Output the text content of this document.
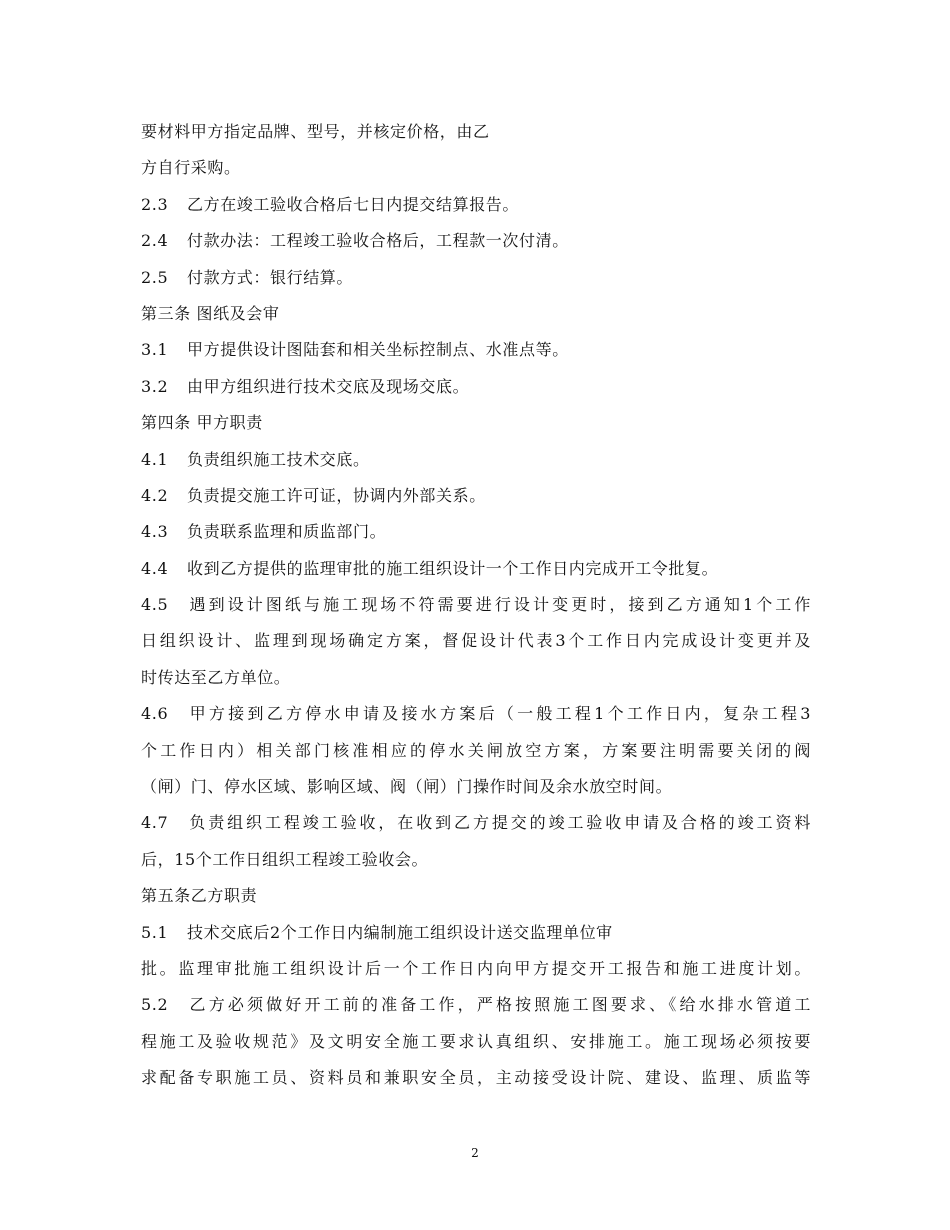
要材料甲方指定品牌、型号，并核定价格，由乙
方自行采购。
2.3 乙方在竣工验收合格后七日内提交结算报告。
2.4 付款办法：工程竣工验收合格后，工程款一次付清。
2.5 付款方式：银行结算。
第三条 图纸及会审
3.1 甲方提供设计图陆套和相关坐标控制点、水准点等。
3.2 由甲方组织进行技术交底及现场交底。
第四条 甲方职责
4.1 负责组织施工技术交底。
4.2 负责提交施工许可证，协调内外部关系。
4.3 负责联系监理和质监部门。
4.4 收到乙方提供的监理审批的施工组织设计一个工作日内完成开工令批复。
4.5 遇到设计图纸与施工现场不符需要进行设计变更时，接到乙方通知1个工作
日组织设计、监理到现场确定方案，督促设计代表3个工作日内完成设计变更并及
时传达至乙方单位。
4.6 甲方接到乙方停水申请及接水方案后（一般工程1个工作日内，复杂工程3
个工作日内）相关部门核准相应的停水关闸放空方案，方案要注明需要关闭的阀
（闸）门、停水区域、影响区域、阀（闸）门操作时间及余水放空时间。
4.7 负责组织工程竣工验收，在收到乙方提交的竣工验收申请及合格的竣工资料
后，15个工作日组织工程竣工验收会。
第五条乙方职责
5.1 技术交底后2个工作日内编制施工组织设计送交监理单位审
批。监理审批施工组织设计后一个工作日内向甲方提交开工报告和施工进度计划。
5.2 乙方必须做好开工前的准备工作，严格按照施工图要求、《给水排水管道工
程施工及验收规范》及文明安全施工要求认真组织、安排施工。施工现场必须按要
求配备专职施工员、资料员和兼职安全员，主动接受设计院、建设、监理、质监等
2
